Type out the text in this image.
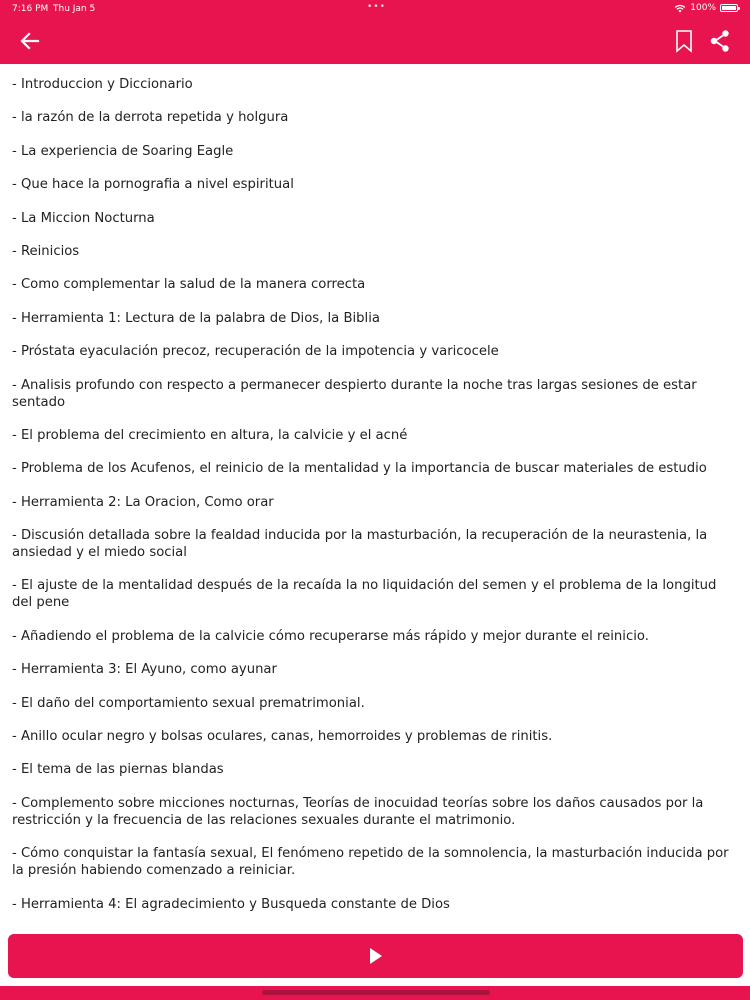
7:16 PM Thu Jan 5	•••	100%
- Introduccion y Diccionario
- la razón de la derrota repetida y holgura
- La experiencia de Soaring Eagle
- Que hace la pornografia a nivel espiritual
- La Miccion Nocturna
- Reinicios
- Como complementar la salud de la manera correcta
- Herramienta 1: Lectura de la palabra de Dios, la Biblia
- Próstata eyaculación precoz, recuperación de la impotencia y varicocele
- Analisis profundo con respecto a permanecer despierto durante la noche tras largas sesiones de estar sentado
- El problema del crecimiento en altura, la calvicie y el acné
- Problema de los Acufenos, el reinicio de la mentalidad y la importancia de buscar materiales de estudio
- Herramienta 2: La Oracion, Como orar
- Discusión detallada sobre la fealdad inducida por la masturbación, la recuperación de la neurastenia, la ansiedad y el miedo social
- El ajuste de la mentalidad después de la recaída la no liquidación del semen y el problema de la longitud del pene
- Añadiendo el problema de la calvicie cómo recuperarse más rápido y mejor durante el reinicio.
- Herramienta 3: El Ayuno, como ayunar
- El daño del comportamiento sexual prematrimonial.
- Anillo ocular negro y bolsas oculares, canas, hemorroides y problemas de rinitis.
- El tema de las piernas blandas
- Complemento sobre micciones nocturnas, Teorías de inocuidad teorías sobre los daños causados por la restricción y la frecuencia de las relaciones sexuales durante el matrimonio.
- Cómo conquistar la fantasía sexual, El fenómeno repetido de la somnolencia, la masturbación inducida por la presión habiendo comenzado a reiniciar.
- Herramienta 4: El agradecimiento y Busqueda constante de Dios
